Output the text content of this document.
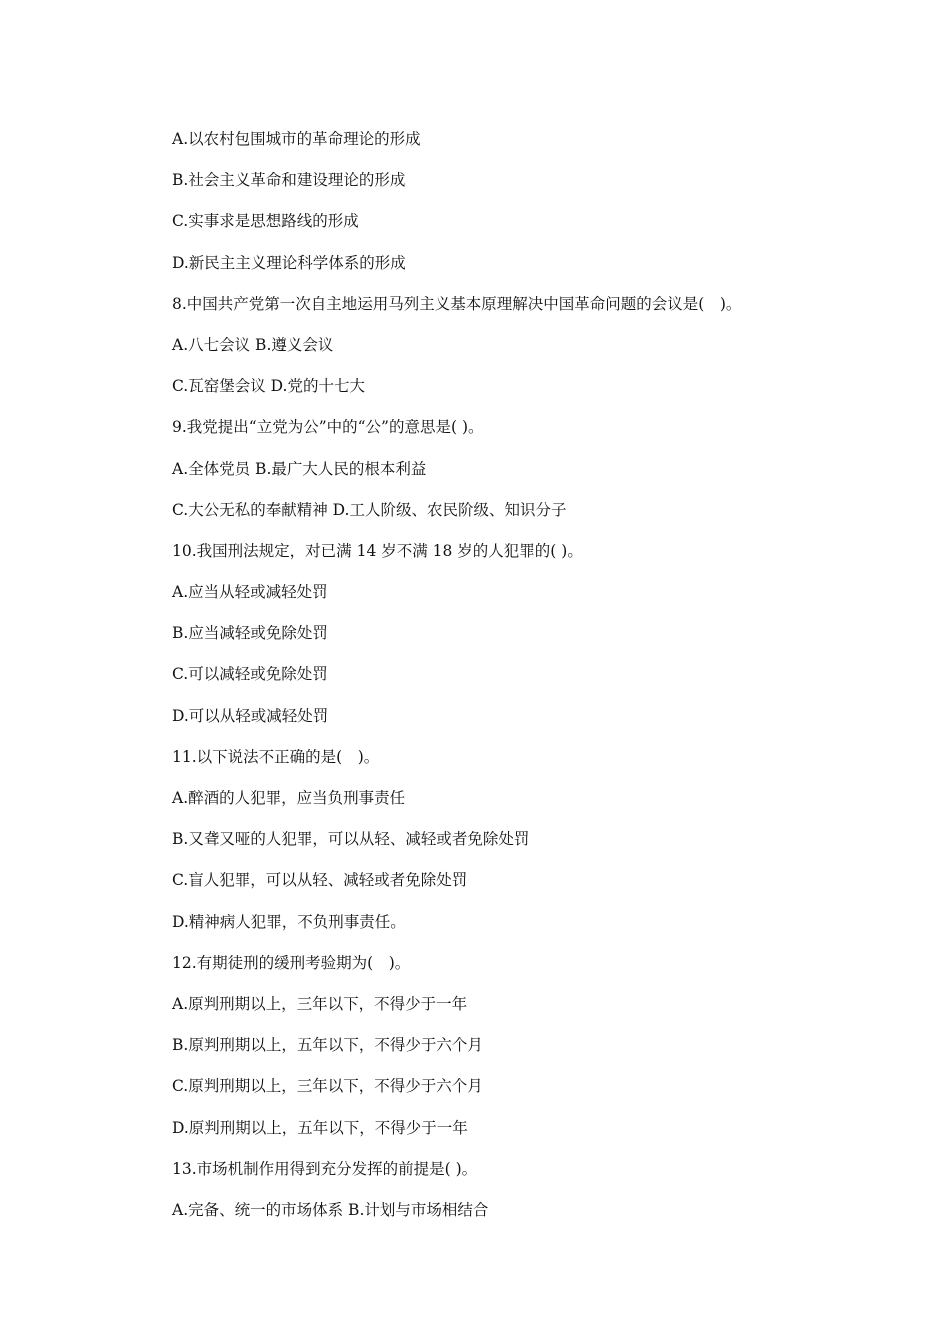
A.以农村包围城市的革命理论的形成
B.社会主义革命和建设理论的形成
C.实事求是思想路线的形成
D.新民主主义理论科学体系的形成
8.中国共产党第一次自主地运用马列主义基本原理解决中国革命问题的会议是(　)。
A.八七会议 B.遵义会议
C.瓦窑堡会议 D.党的十七大
9.我党提出“立党为公”中的“公”的意思是( )。
A.全体党员 B.最广大人民的根本利益
C.大公无私的奉献精神 D.工人阶级、农民阶级、知识分子
10.我国刑法规定，对已满 14 岁不满 18 岁的人犯罪的( )。
A.应当从轻或减轻处罚
B.应当减轻或免除处罚
C.可以减轻或免除处罚
D.可以从轻或减轻处罚
11.以下说法不正确的是(　)。
A.醉酒的人犯罪，应当负刑事责任
B.又聋又哑的人犯罪，可以从轻、减轻或者免除处罚
C.盲人犯罪，可以从轻、减轻或者免除处罚
D.精神病人犯罪，不负刑事责任。
12.有期徒刑的缓刑考验期为(　)。
A.原判刑期以上，三年以下，不得少于一年
B.原判刑期以上，五年以下，不得少于六个月
C.原判刑期以上，三年以下，不得少于六个月
D.原判刑期以上，五年以下，不得少于一年
13.市场机制作用得到充分发挥的前提是( )。
A.完备、统一的市场体系 B.计划与市场相结合
